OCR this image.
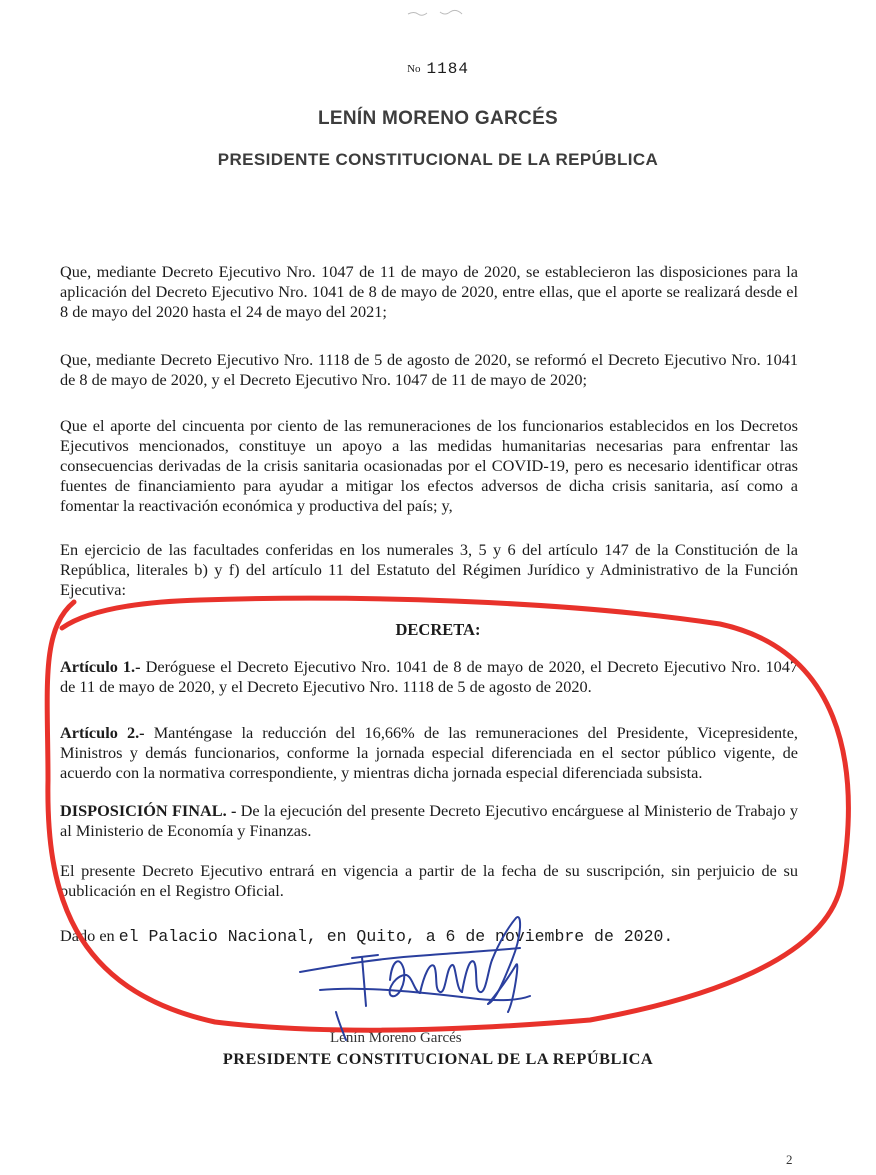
No 1184
LENÍN MORENO GARCÉS
PRESIDENTE CONSTITUCIONAL DE LA REPÚBLICA
Que, mediante Decreto Ejecutivo Nro. 1047 de 11 de mayo de 2020, se establecieron las disposiciones para la aplicación del Decreto Ejecutivo Nro. 1041 de 8 de mayo de 2020, entre ellas, que el aporte se realizará desde el 8 de mayo del 2020 hasta el 24 de mayo del 2021;
Que, mediante Decreto Ejecutivo Nro. 1118 de 5 de agosto de 2020, se reformó el Decreto Ejecutivo Nro. 1041 de 8 de mayo de 2020, y el Decreto Ejecutivo Nro. 1047 de 11 de mayo de 2020;
Que el aporte del cincuenta por ciento de las remuneraciones de los funcionarios establecidos en los Decretos Ejecutivos mencionados, constituye un apoyo a las medidas humanitarias necesarias para enfrentar las consecuencias derivadas de la crisis sanitaria ocasionadas por el COVID-19, pero es necesario identificar otras fuentes de financiamiento para ayudar a mitigar los efectos adversos de dicha crisis sanitaria, así como a fomentar la reactivación económica y productiva del país; y,
En ejercicio de las facultades conferidas en los numerales 3, 5 y 6 del artículo 147 de la Constitución de la República, literales b) y f) del artículo 11 del Estatuto del Régimen Jurídico y Administrativo de la Función Ejecutiva:
DECRETA:
Artículo 1.- Deróguese el Decreto Ejecutivo Nro. 1041 de 8 de mayo de 2020, el Decreto Ejecutivo Nro. 1047 de 11 de mayo de 2020, y el Decreto Ejecutivo Nro. 1118 de 5 de agosto de 2020.
Artículo 2.- Manténgase la reducción del 16,66% de las remuneraciones del Presidente, Vicepresidente, Ministros y demás funcionarios, conforme la jornada especial diferenciada en el sector público vigente, de acuerdo con la normativa correspondiente, y mientras dicha jornada especial diferenciada subsista.
DISPOSICIÓN FINAL. - De la ejecución del presente Decreto Ejecutivo encárguese al Ministerio de Trabajo y al Ministerio de Economía y Finanzas.
El presente Decreto Ejecutivo entrará en vigencia a partir de la fecha de su suscripción, sin perjuicio de su publicación en el Registro Oficial.
Dado en el Palacio Nacional, en Quito, a 6 de noviembre de 2020.
Lenín Moreno Garcés
PRESIDENTE CONSTITUCIONAL DE LA REPÚBLICA
2
